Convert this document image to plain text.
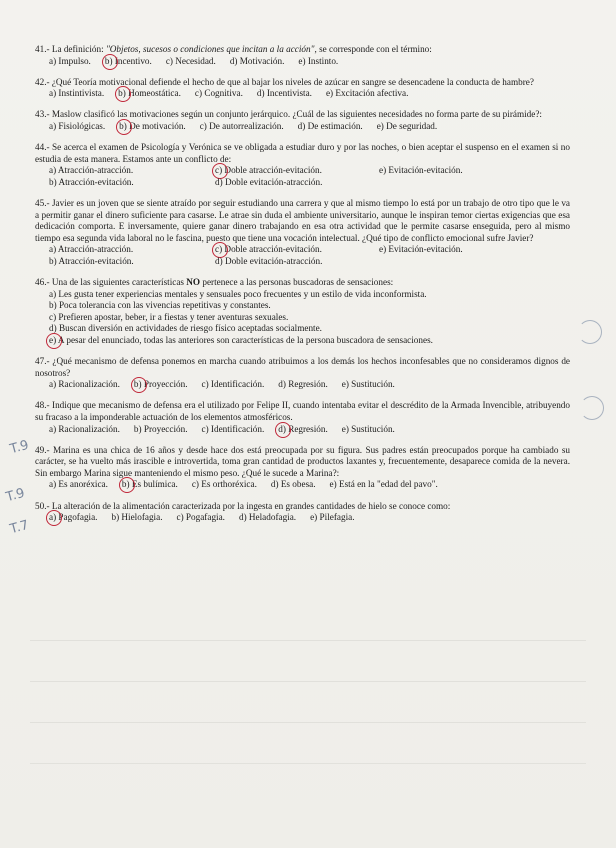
41.- La definición: "Objetos, sucesos o condiciones que incitan a la acción", se corresponde con el término:
a) Impulso. b) Incentivo. c) Necesidad. d) Motivación. e) Instinto.
42.- ¿Qué Teoría motivacional defiende el hecho de que al bajar los niveles de azúcar en sangre se desencadene la conducta de hambre?
a) Instintivista. b) Homeostática. c) Cognitiva. d) Incentivista. e) Excitación afectiva.
43.- Maslow clasificó las motivaciones según un conjunto jerárquico. ¿Cuál de las siguientes necesidades no forma parte de su pirámide?:
a) Fisiológicas. b) De motivación. c) De autorrealización. d) De estimación. e) De seguridad.
44.- Se acerca el examen de Psicología y Verónica se ve obligada a estudiar duro y por las noches, o bien aceptar el suspenso en el examen si no estudia de esta manera. Estamos ante un conflicto de:
a) Atracción-atracción.	c) Doble atracción-evitación.	e) Evitación-evitación.
b) Atracción-evitación.	d) Doble evitación-atracción.
45.- Javier es un joven que se siente atraído por seguir estudiando una carrera y que al mismo tiempo lo está por un trabajo de otro tipo que le va a permitir ganar el dinero suficiente para casarse. Le atrae sin duda el ambiente universitario, aunque le inspiran temor ciertas exigencias que esa dedicación comporta. E inversamente, quiere ganar dinero trabajando en esa otra actividad que le permite casarse enseguida, pero al mismo tiempo esa segunda vida laboral no le fascina, puesto que tiene una vocación intelectual. ¿Qué tipo de conflicto emocional sufre Javier?
a) Atracción-atracción.	c) Doble atracción-evitación.	e) Evitación-evitación.
b) Atracción-evitación.	d) Doble evitación-atracción.
46.- Una de las siguientes características NO pertenece a las personas buscadoras de sensaciones:
a) Les gusta tener experiencias mentales y sensuales poco frecuentes y un estilo de vida inconformista.
b) Poca tolerancia con las vivencias repetitivas y constantes.
c) Prefieren apostar, beber, ir a fiestas y tener aventuras sexuales.
d) Buscan diversión en actividades de riesgo físico aceptadas socialmente.
e) A pesar del enunciado, todas las anteriores son características de la persona buscadora de sensaciones.
47.- ¿Qué mecanismo de defensa ponemos en marcha cuando atribuimos a los demás los hechos inconfesables que no consideramos dignos de nosotros?
a) Racionalización. b) Proyección. c) Identificación. d) Regresión. e) Sustitución.
48.- Indique que mecanismo de defensa era el utilizado por Felipe II, cuando intentaba evitar el descrédito de la Armada Invencible, atribuyendo su fracaso a la imponderable actuación de los elementos atmosféricos.
a) Racionalización. b) Proyección. c) Identificación. d) Regresión. e) Sustitución.
49.- Marina es una chica de 16 años y desde hace dos está preocupada por su figura. Sus padres están preocupados porque ha cambiado su carácter, se ha vuelto más irascible e introvertida, toma gran cantidad de productos laxantes y, frecuentemente, desaparece comida de la nevera. Sin embargo Marina sigue manteniendo el mismo peso. ¿Qué le sucede a Marina?:
a) Es anoréxica. b) Es bulímica. c) Es orthoréxica. d) Es obesa. e) Está en la "edad del pavo".
50.- La alteración de la alimentación caracterizada por la ingesta en grandes cantidades de hielo se conoce como:
a) Pagofagia. b) Hielofagia. c) Pogafagia. d) Heladofagia. e) Pilefagia.
T.9
T.9
T.7
